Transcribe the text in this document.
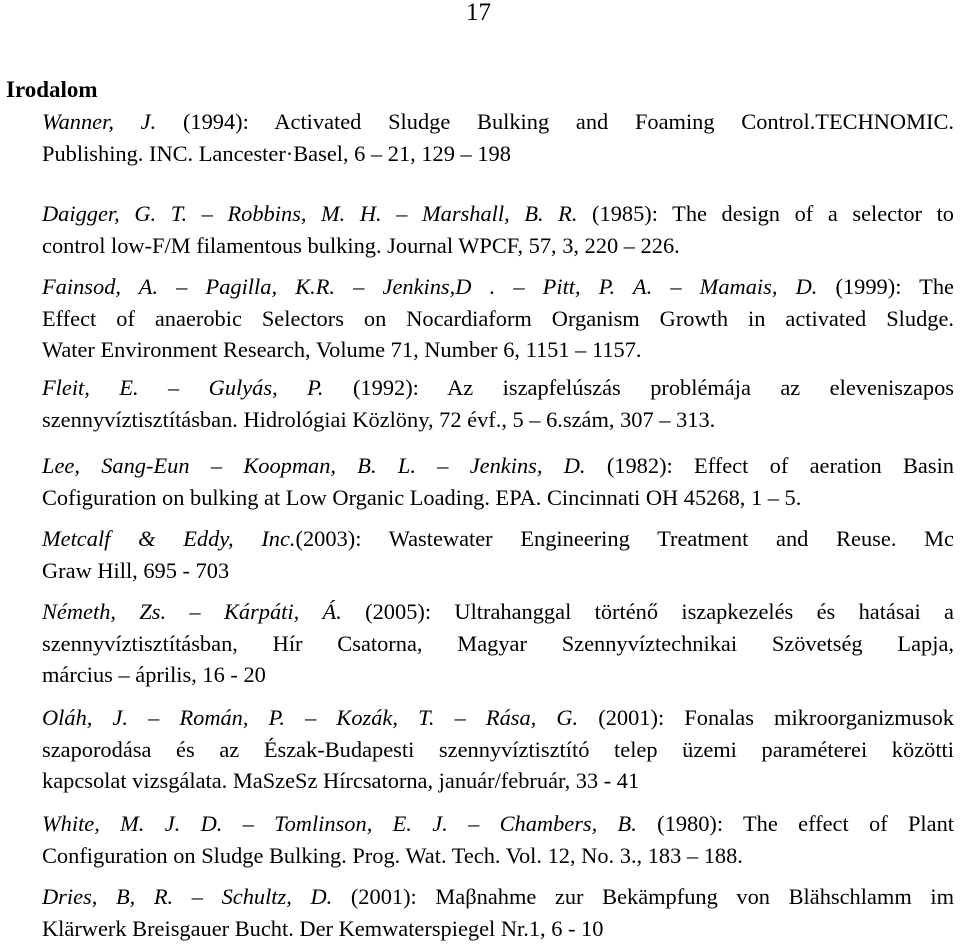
17
Irodalom
Wanner, J. (1994): Activated Sludge Bulking and Foaming Control.TECHNOMIC.
Publishing. INC. Lancester·Basel, 6 – 21, 129 – 198
Daigger, G. T. – Robbins, M. H. – Marshall, B. R. (1985): The design of a selector to
control low-F/M filamentous bulking. Journal WPCF, 57, 3, 220 – 226.
Fainsod, A. – Pagilla, K.R. – Jenkins,D . – Pitt, P. A. – Mamais, D. (1999): The
Effect of anaerobic Selectors on Nocardiaform Organism Growth in activated Sludge.
Water Environment Research, Volume 71, Number 6, 1151 – 1157.
Fleit, E. – Gulyás, P. (1992): Az iszapfelúszás problémája az eleveniszapos
szennyvíztisztításban. Hidrológiai Közlöny, 72 évf., 5 – 6.szám, 307 – 313.
Lee, Sang-Eun – Koopman, B. L. – Jenkins, D. (1982): Effect of aeration Basin
Cofiguration on bulking at Low Organic Loading. EPA. Cincinnati OH 45268, 1 – 5.
Metcalf & Eddy, Inc.(2003): Wastewater Engineering Treatment and Reuse. Mc
Graw Hill, 695 - 703
Németh, Zs. – Kárpáti, Á. (2005): Ultrahanggal történő iszapkezelés és hatásai a
szennyvíztisztításban, Hír Csatorna, Magyar Szennyvíztechnikai Szövetség Lapja,
március – április, 16 - 20
Oláh, J. – Román, P. – Kozák, T. – Rása, G. (2001): Fonalas mikroorganizmusok
szaporodása és az Észak-Budapesti szennyvíztisztító telep üzemi paraméterei közötti
kapcsolat vizsgálata. MaSzeSz Hírcsatorna, január/február, 33 - 41
White, M. J. D. – Tomlinson, E. J. – Chambers, B. (1980): The effect of Plant
Configuration on Sludge Bulking. Prog. Wat. Tech. Vol. 12, No. 3., 183 – 188.
Dries, B, R. – Schultz, D. (2001): Maβnahme zur Bekämpfung von Blähschlamm im
Klärwerk Breisgauer Bucht. Der Kemwaterspiegel Nr.1, 6 - 10
